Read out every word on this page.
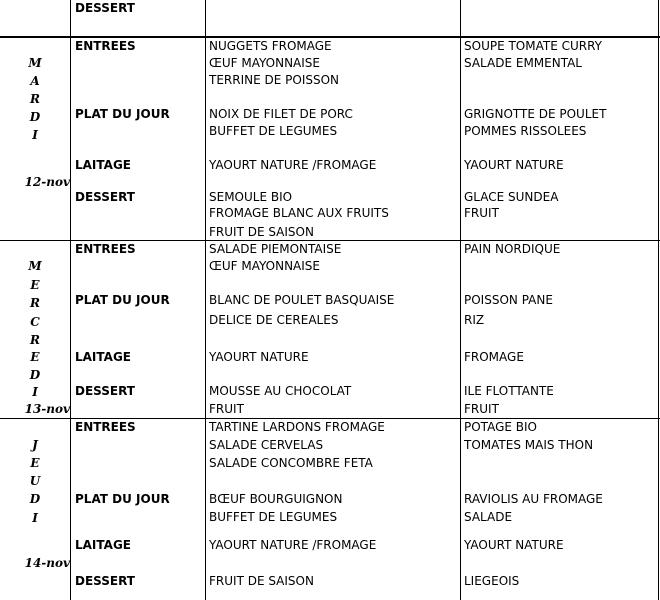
DESSERT
M
A
R
D
I
12-nov
ENTREES
PLAT DU JOUR
LAITAGE
DESSERT
NUGGETS FROMAGE
ŒUF MAYONNAISE
TERRINE DE POISSON
NOIX DE FILET DE PORC
BUFFET DE LEGUMES
YAOURT NATURE /FROMAGE
SEMOULE BIO
FROMAGE BLANC AUX FRUITS
FRUIT DE SAISON
SOUPE TOMATE CURRY
SALADE EMMENTAL
GRIGNOTTE DE POULET
POMMES RISSOLEES
YAOURT NATURE
GLACE SUNDEA
FRUIT
M
E
R
C
R
E
D
I
13-nov
ENTREES
PLAT DU JOUR
LAITAGE
DESSERT
SALADE PIEMONTAISE
ŒUF MAYONNAISE
BLANC DE POULET BASQUAISE
DELICE DE CEREALES
YAOURT NATURE
MOUSSE AU CHOCOLAT
FRUIT
PAIN NORDIQUE
POISSON PANE
RIZ
FROMAGE
ILE FLOTTANTE
FRUIT
J
E
U
D
I
14-nov
ENTREES
PLAT DU JOUR
LAITAGE
DESSERT
TARTINE LARDONS FROMAGE
SALADE CERVELAS
SALADE CONCOMBRE FETA
BŒUF BOURGUIGNON
BUFFET DE LEGUMES
YAOURT NATURE /FROMAGE
FRUIT DE SAISON
POTAGE BIO
TOMATES MAIS THON
RAVIOLIS AU FROMAGE
SALADE
YAOURT NATURE
LIEGEOIS
